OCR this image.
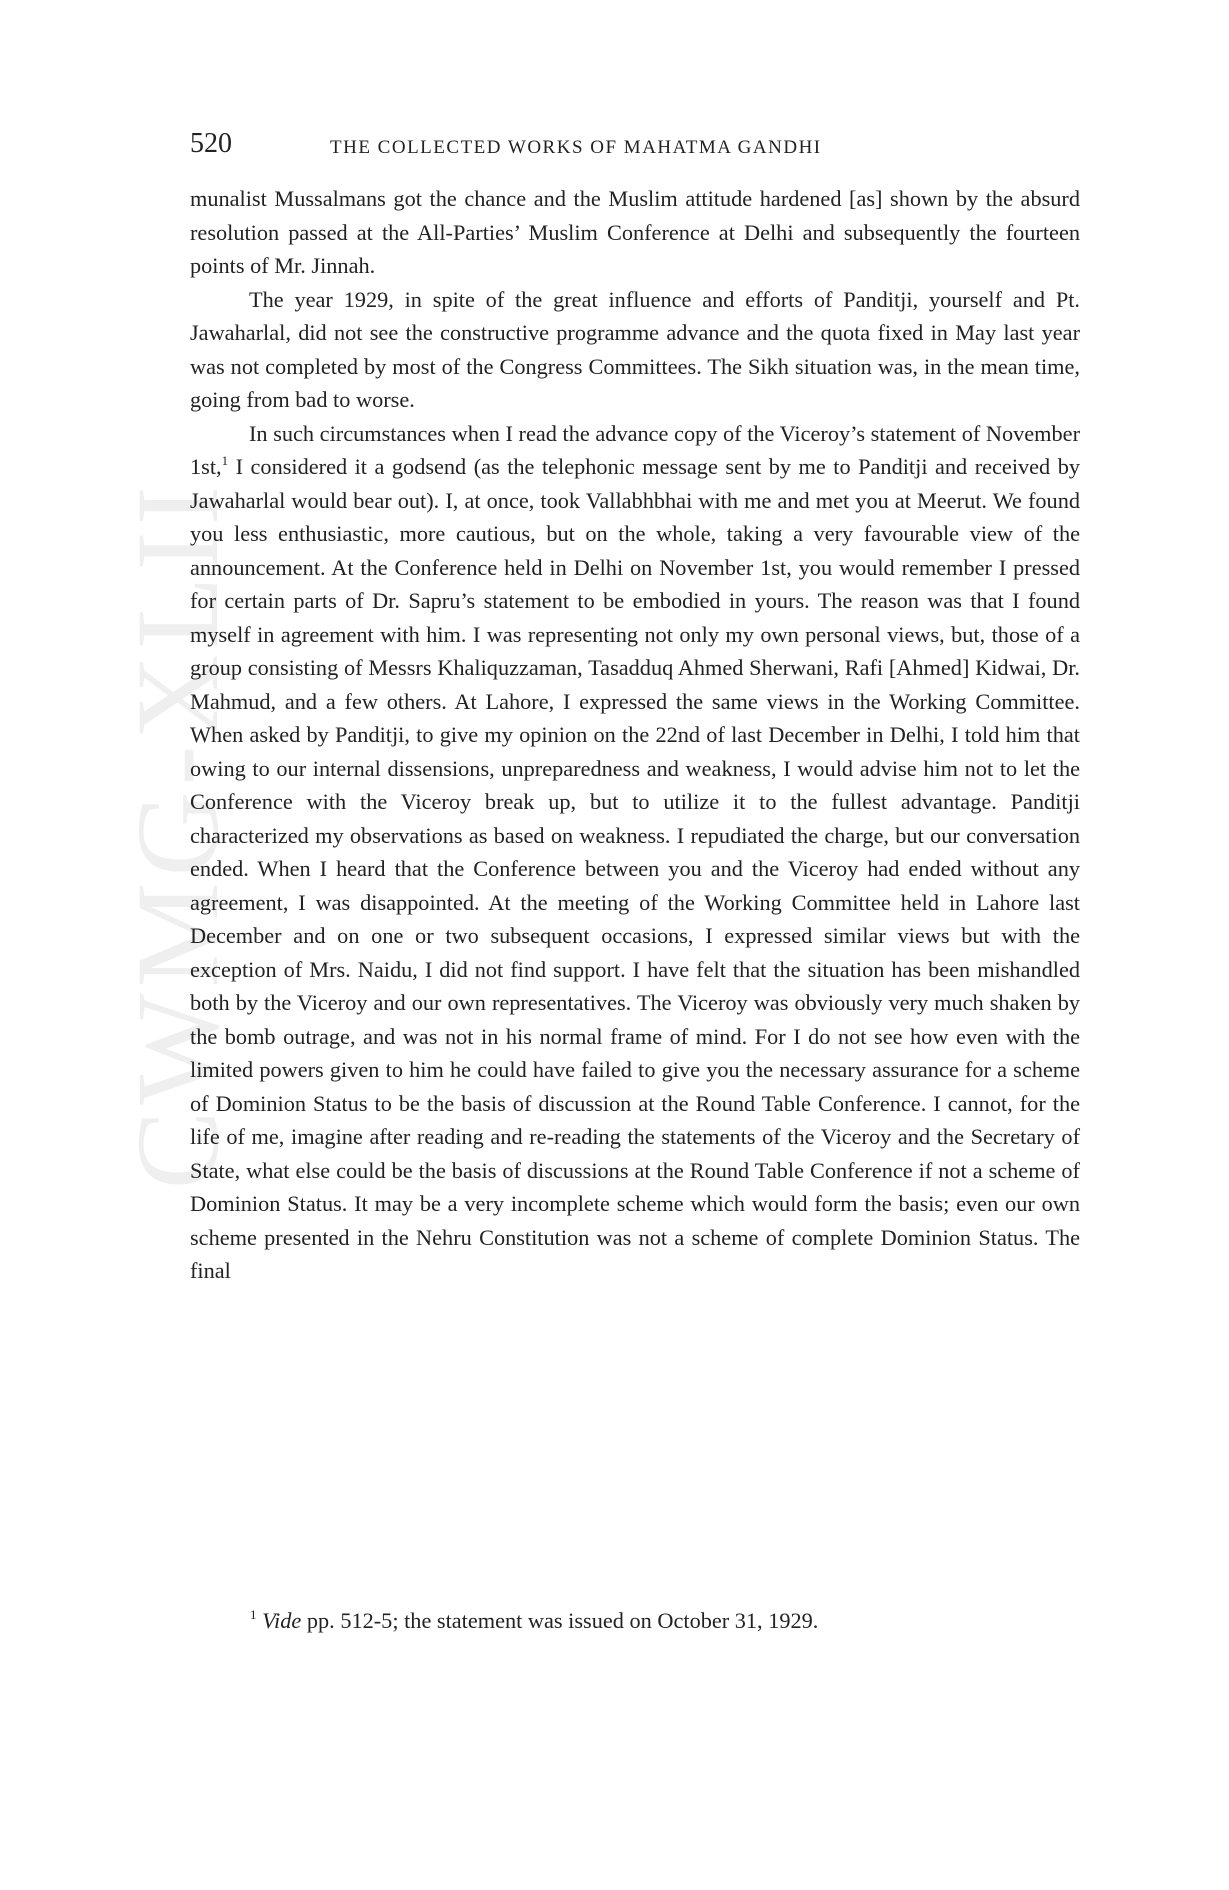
CWMG-XLII
520	THE COLLECTED WORKS OF MAHATMA GANDHI

munalist Mussalmans got the chance and the Muslim attitude hardened [as] shown by the absurd resolution passed at the All-Parties’ Muslim Conference at Delhi and subsequently the fourteen points of Mr. Jinnah.

The year 1929, in spite of the great influence and efforts of Panditji, yourself and Pt. Jawaharlal, did not see the constructive programme advance and the quota fixed in May last year was not completed by most of the Congress Committees. The Sikh situation was, in the mean time, going from bad to worse.

In such circumstances when I read the advance copy of the Viceroy’s statement of November 1st,$^1$ I considered it a godsend (as the telephonic message sent by me to Panditji and received by Jawaharlal would bear out). I, at once, took Vallabhbhai with me and met you at Meerut. We found you less enthusiastic, more cautious, but on the whole, taking a very favourable view of the announcement. At the Conference held in Delhi on November 1st, you would remember I pressed for certain parts of Dr. Sapru’s statement to be embodied in yours. The reason was that I found myself in agreement with him. I was representing not only my own personal views, but, those of a group consisting of Messrs Khaliquzzaman, Tasadduq Ahmed Sherwani, Rafi [Ahmed] Kidwai, Dr. Mahmud, and a few others. At Lahore, I expressed the same views in the Working Committee. When asked by Panditji, to give my opinion on the 22nd of last December in Delhi, I told him that owing to our internal dissensions, unpreparedness and weakness, I would advise him not to let the Conference with the Viceroy break up, but to utilize it to the fullest advantage. Panditji characterized my observations as based on weakness. I repudiated the charge, but our conversation ended. When I heard that the Conference between you and the Viceroy had ended without any agreement, I was disappointed. At the meeting of the Working Committee held in Lahore last December and on one or two subsequent occasions, I expressed similar views but with the exception of Mrs. Naidu, I did not find support. I have felt that the situation has been mishandled both by the Viceroy and our own representatives. The Viceroy was obviously very much shaken by the bomb outrage, and was not in his normal frame of mind. For I do not see how even with the limited powers given to him he could have failed to give you the necessary assurance for a scheme of Dominion Status to be the basis of discussion at the Round Table Conference. I cannot, for the life of me, imagine after reading and re-reading the statements of the Viceroy and the Secretary of State, what else could be the basis of discussions at the Round Table Conference if not a scheme of Dominion Status. It may be a very incomplete scheme which would form the basis; even our own scheme presented in the Nehru Constitution was not a scheme of complete Dominion Status. The final

$^1$ Vide pp. 512-5; the statement was issued on October 31, 1929.
